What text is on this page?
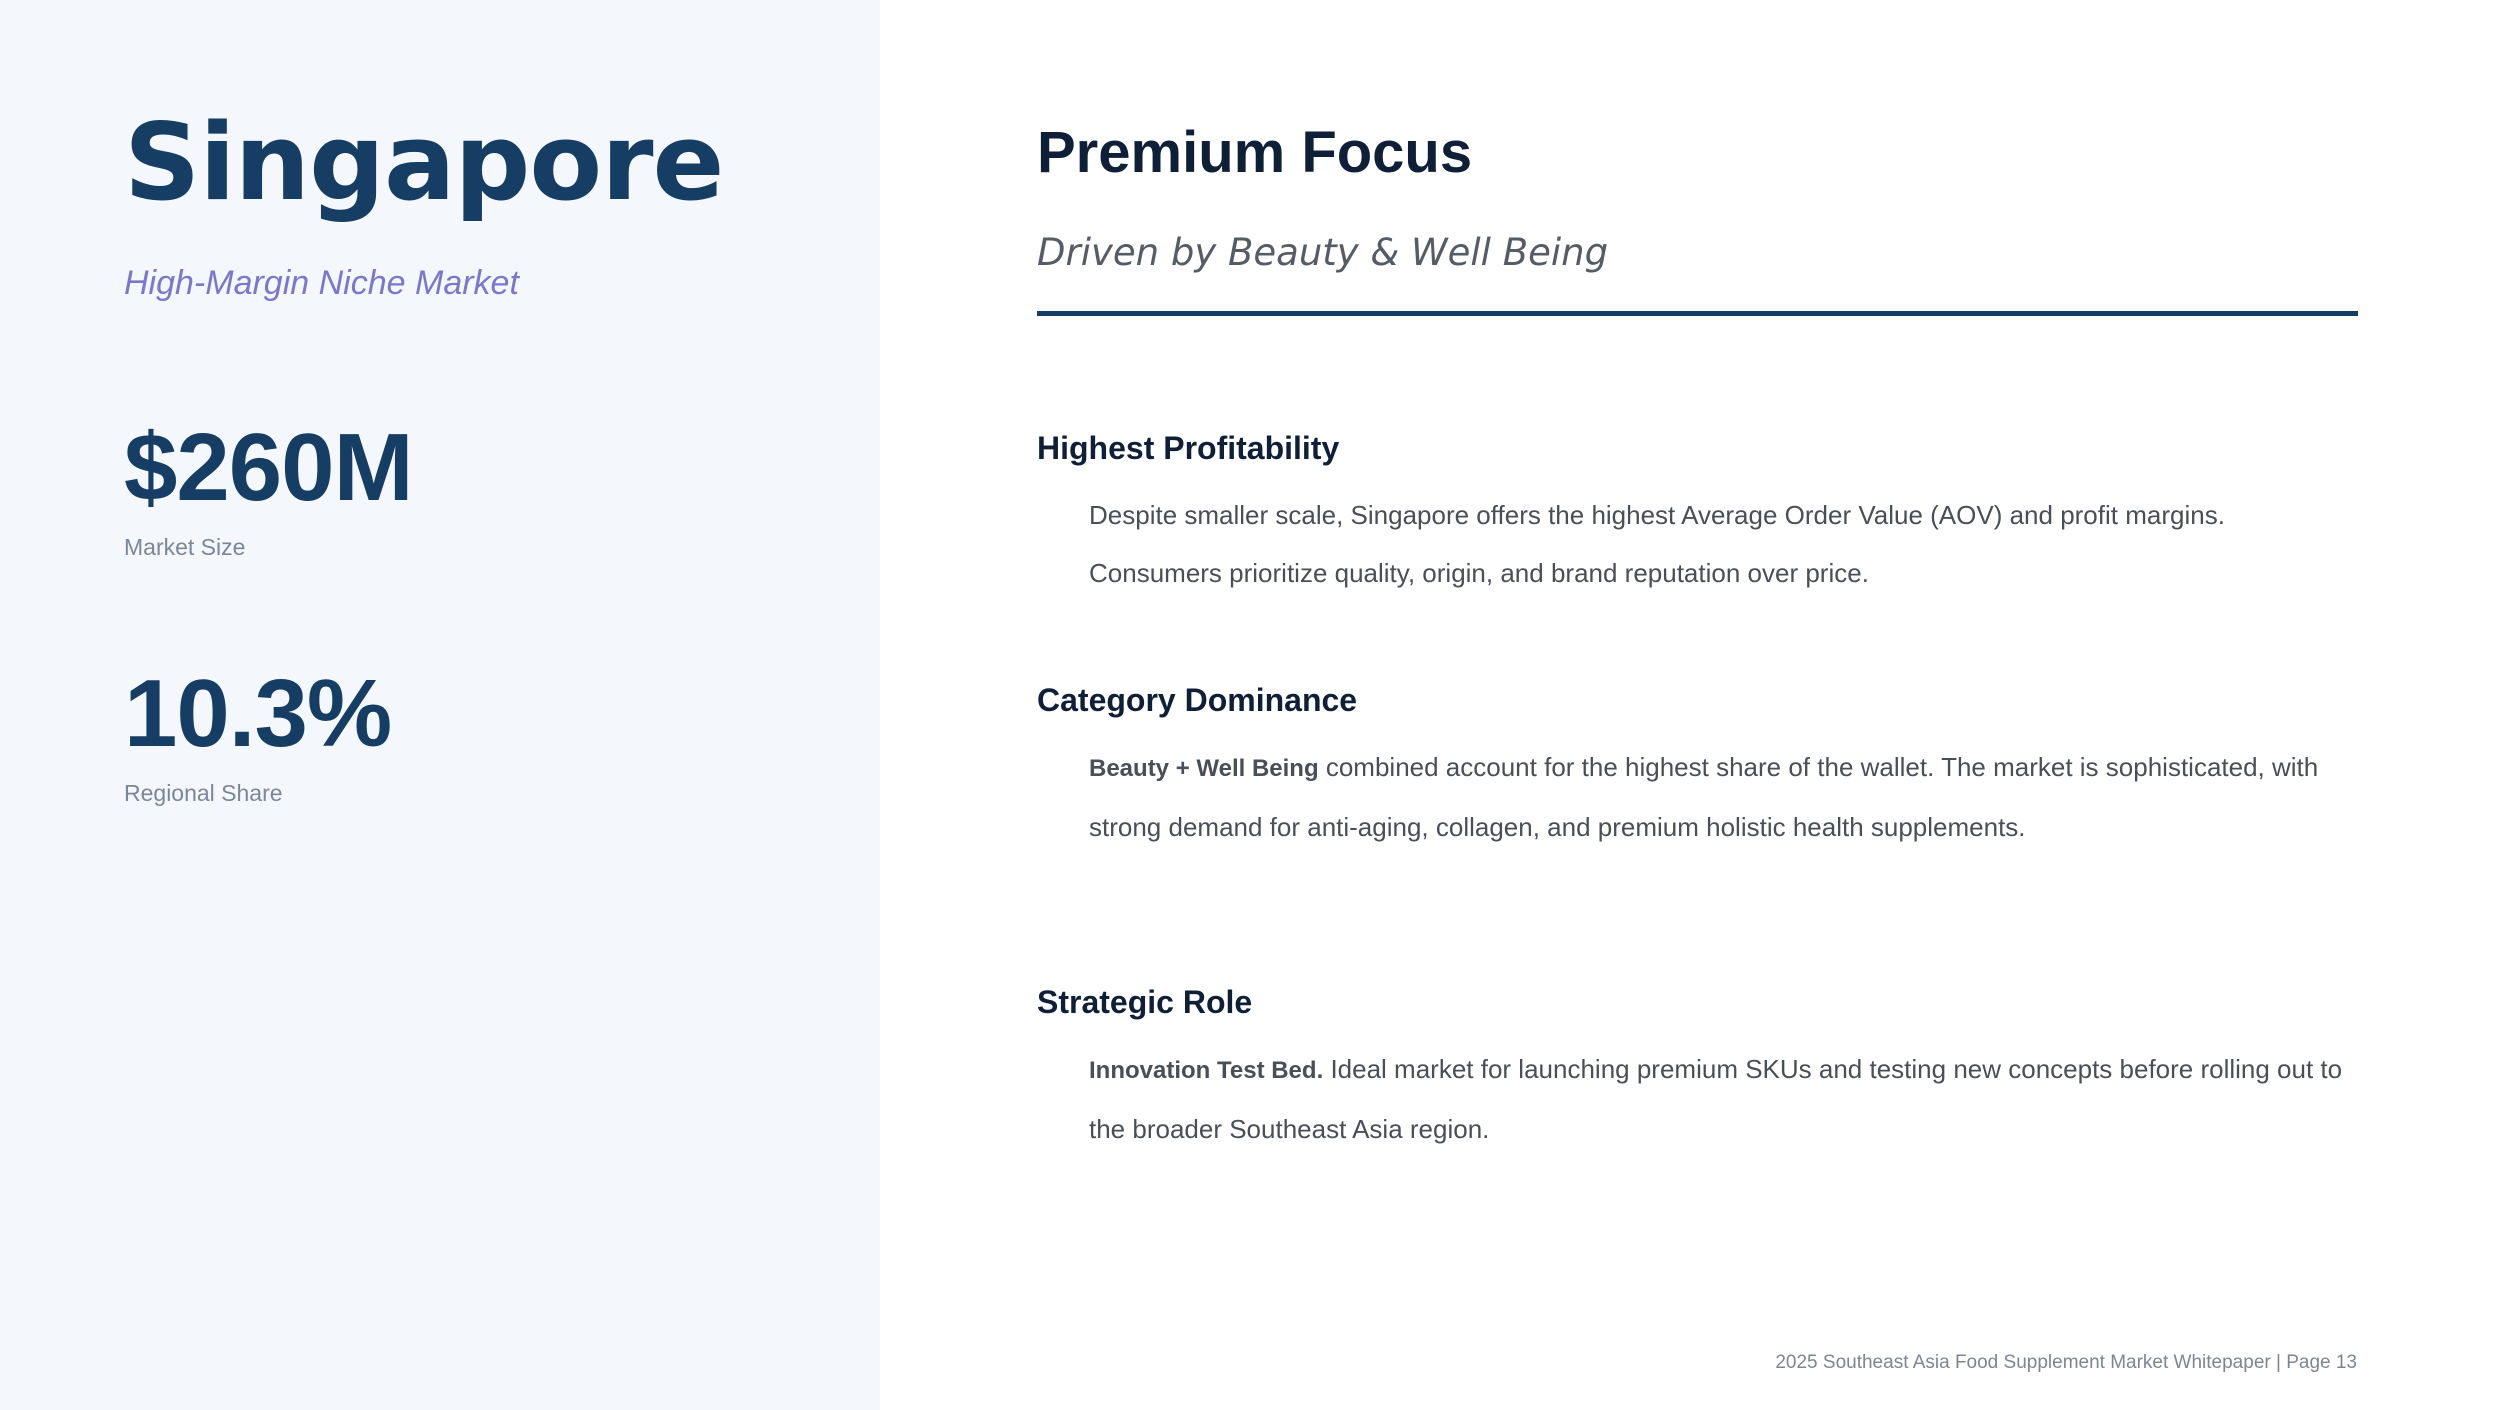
Singapore
High-Margin Niche Market
$260M
Market Size
10.3%
Regional Share
Premium Focus
Driven by Beauty & Well Being
Highest Profitability

Despite smaller scale, Singapore offers the highest Average Order Value (AOV) and profit margins. Consumers prioritize quality, origin, and brand reputation over price.

Category Dominance

Beauty + Well Being combined account for the highest share of the wallet. The market is sophisticated, with strong demand for anti-aging, collagen, and premium holistic health supplements.

Strategic Role

Innovation Test Bed. Ideal market for launching premium SKUs and testing new concepts before rolling out to the broader Southeast Asia region.

2025 Southeast Asia Food Supplement Market Whitepaper | Page 13
